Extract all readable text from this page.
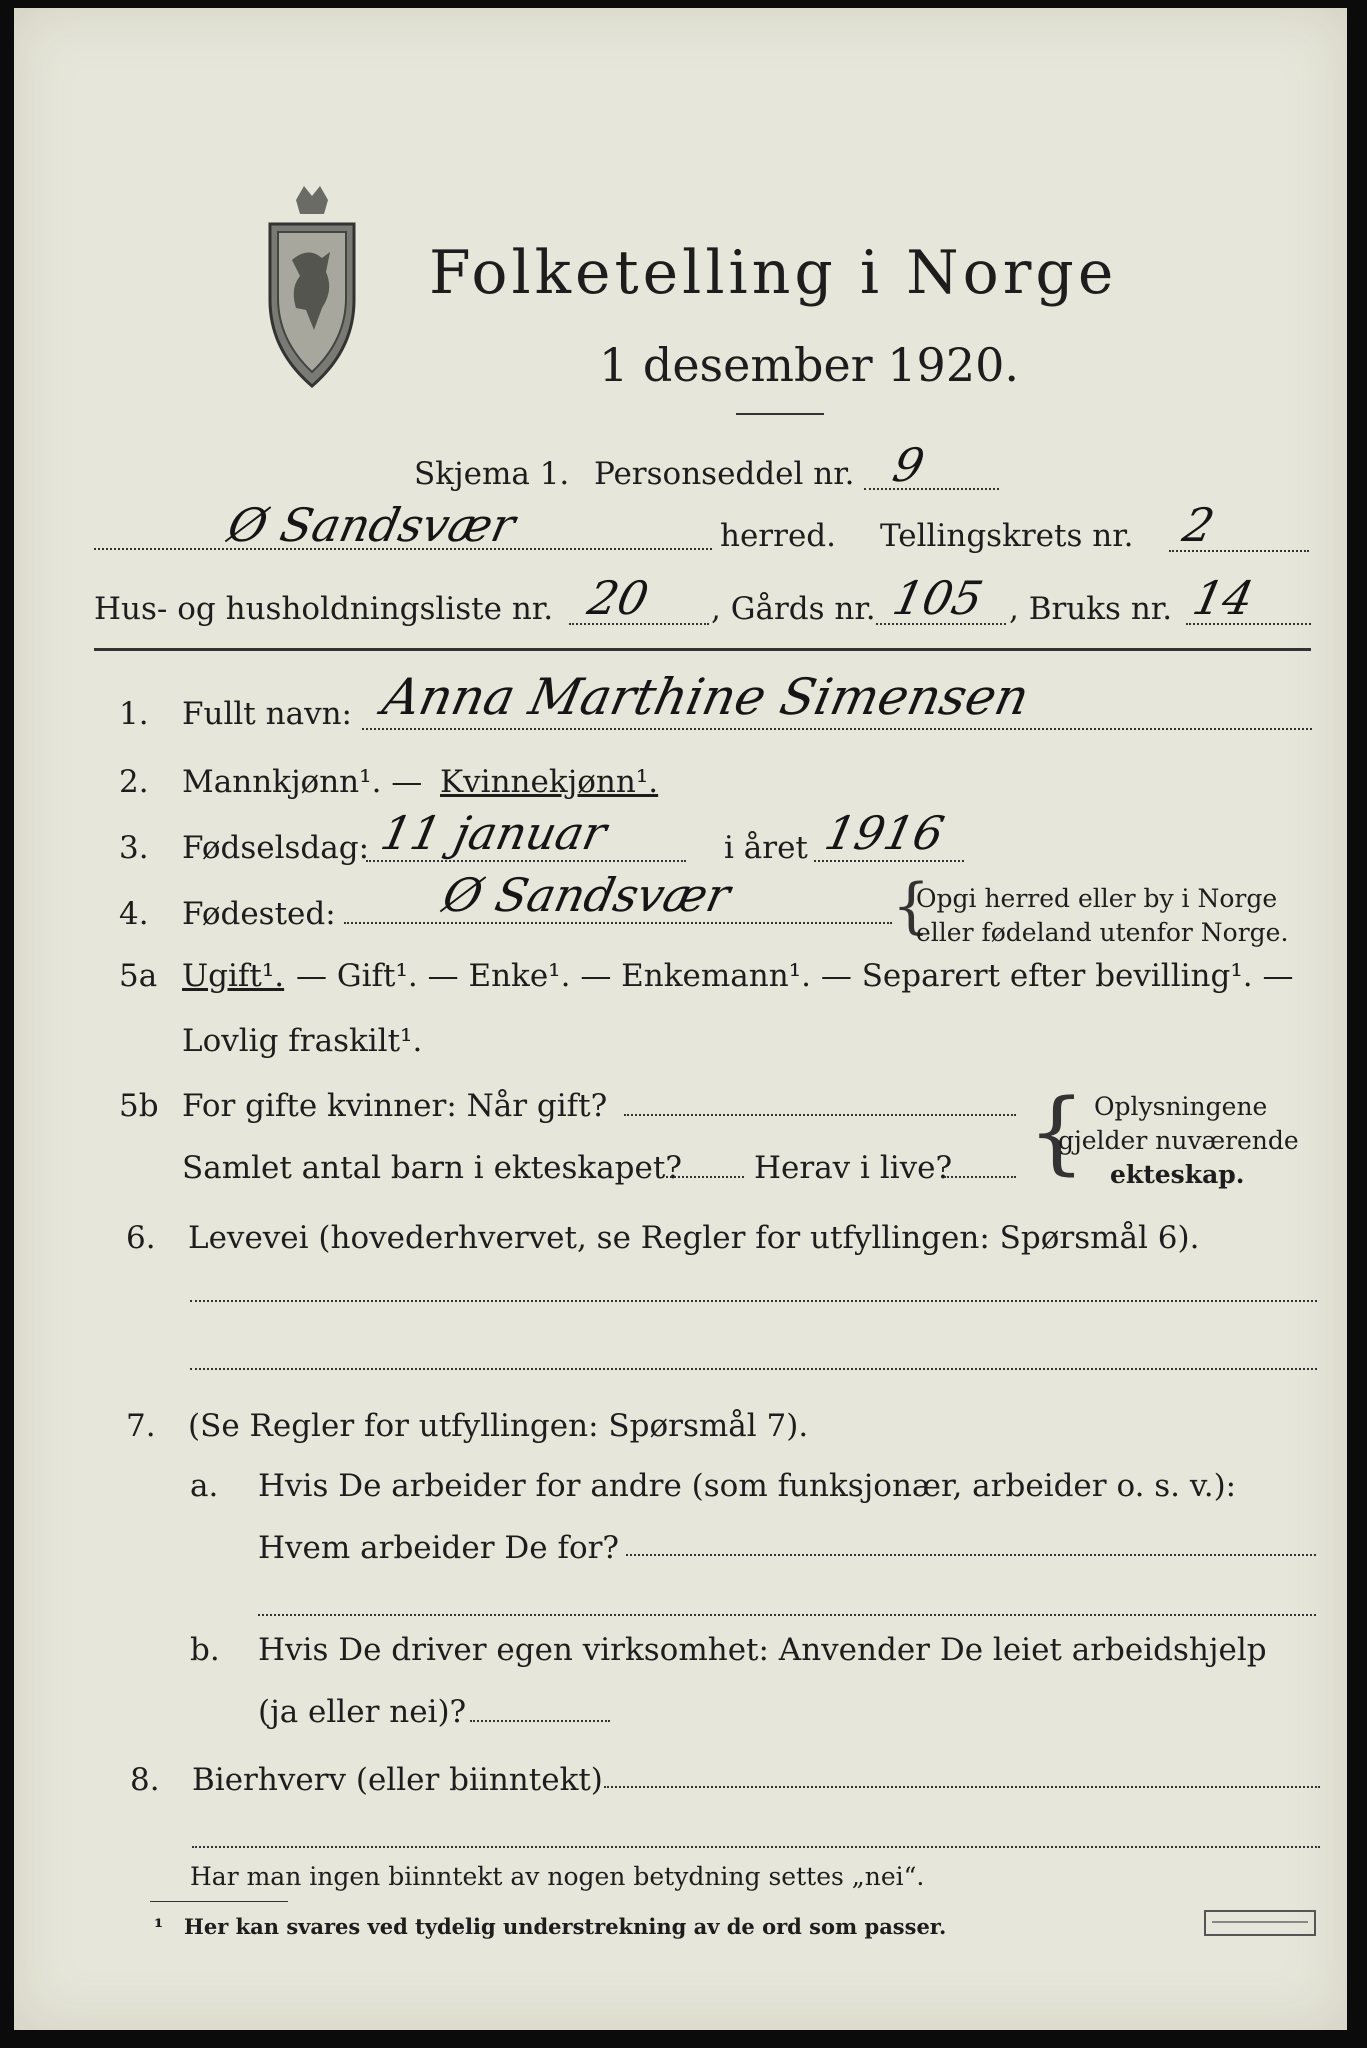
Folketelling i Norge
1 desember 1920.
Skjema 1. Personseddel nr. 9
Ø Sandsvær	herred. Tellingskrets nr. 2
Hus- og husholdningsliste nr. 20 , Gårds nr. 105 , Bruks nr. 14
1. Fullt navn: Anna Marthine Simensen
2. Mannkjønn¹. — Kvinnekjønn¹.
3. Fødselsdag: 11 januar	i året 1916
4. Fødested: Ø Sandsvær	{
Opgi herred eller by i Norge
eller fødeland utenfor Norge.
5a Ugift¹. — Gift¹. — Enke¹. — Enkemann¹. — Separert efter bevilling¹. —
Lovlig fraskilt¹.
5b For gifte kvinner: Når gift?
Samlet antal barn i ekteskapet? Herav i live? { Oplysningene
gjelder nuværende
ekteskap.
6. Levevei (hovederhvervet, se Regler for utfyllingen: Spørsmål 6).
7. (Se Regler for utfyllingen: Spørsmål 7).
a. Hvis De arbeider for andre (som funksjonær, arbeider o. s. v.):
Hvem arbeider De for?
b. Hvis De driver egen virksomhet: Anvender De leiet arbeidshjelp
(ja eller nei)?
8. Bierhverv (eller biinntekt)
Har man ingen biinntekt av nogen betydning settes „nei“.
¹ Her kan svares ved tydelig understrekning av de ord som passer.
